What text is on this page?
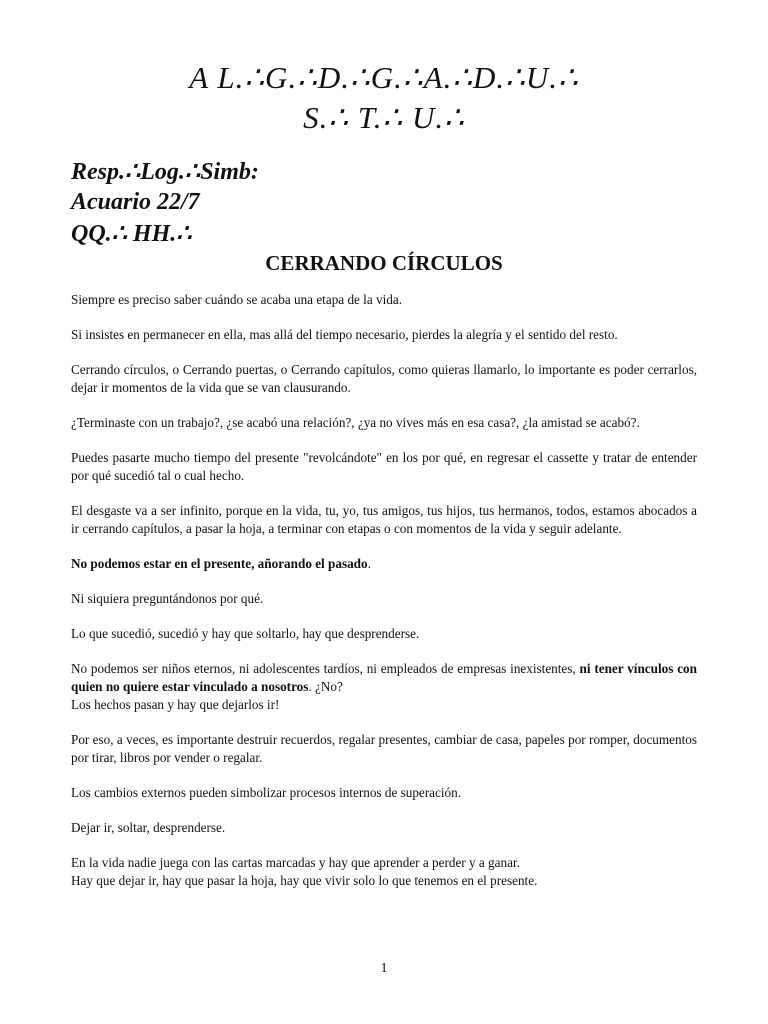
A L.∴G.∴D.∴G.∴A.∴D.∴U.∴
S.∴ T.∴ U.∴
Resp.∴Log.∴Simb:
Acuario 22/7
QQ.∴ HH.∴
CERRANDO CÍRCULOS

Siempre es preciso saber cuándo se acaba una etapa de la vida.

Si insistes en permanecer en ella, mas allá del tiempo necesario, pierdes la alegría y el sentido del resto.

Cerrando círculos, o Cerrando puertas, o Cerrando capítulos, como quieras llamarlo, lo importante es poder cerrarlos, dejar ir momentos de la vida que se van clausurando.

¿Terminaste con un trabajo?, ¿se acabó una relación?, ¿ya no vives más en esa casa?, ¿la amistad se acabó?.

Puedes pasarte mucho tiempo del presente "revolcándote" en los por qué, en regresar el cassette y tratar de entender por qué sucedió tal o cual hecho.

El desgaste va a ser infinito, porque en la vida, tu, yo, tus amigos, tus hijos, tus hermanos, todos, estamos abocados a ir cerrando capítulos, a pasar la hoja, a terminar con etapas o con momentos de la vida y seguir adelante.

No podemos estar en el presente, añorando el pasado.

Ni siquiera preguntándonos por qué.

Lo que sucedió, sucedió y hay que soltarlo, hay que desprenderse.

No podemos ser niños eternos, ni adolescentes tardíos, ni empleados de empresas inexistentes, ni tener vínculos con quien no quiere estar vinculado a nosotros. ¿No?
Los hechos pasan y hay que dejarlos ir!

Por eso, a veces, es importante destruir recuerdos, regalar presentes, cambiar de casa, papeles por romper, documentos por tirar, libros por vender o regalar.

Los cambios externos pueden simbolizar procesos internos de superación.

Dejar ir, soltar, desprenderse.

En la vida nadie juega con las cartas marcadas y hay que aprender a perder y a ganar.
Hay que dejar ir, hay que pasar la hoja, hay que vivir solo lo que tenemos en el presente.

1
